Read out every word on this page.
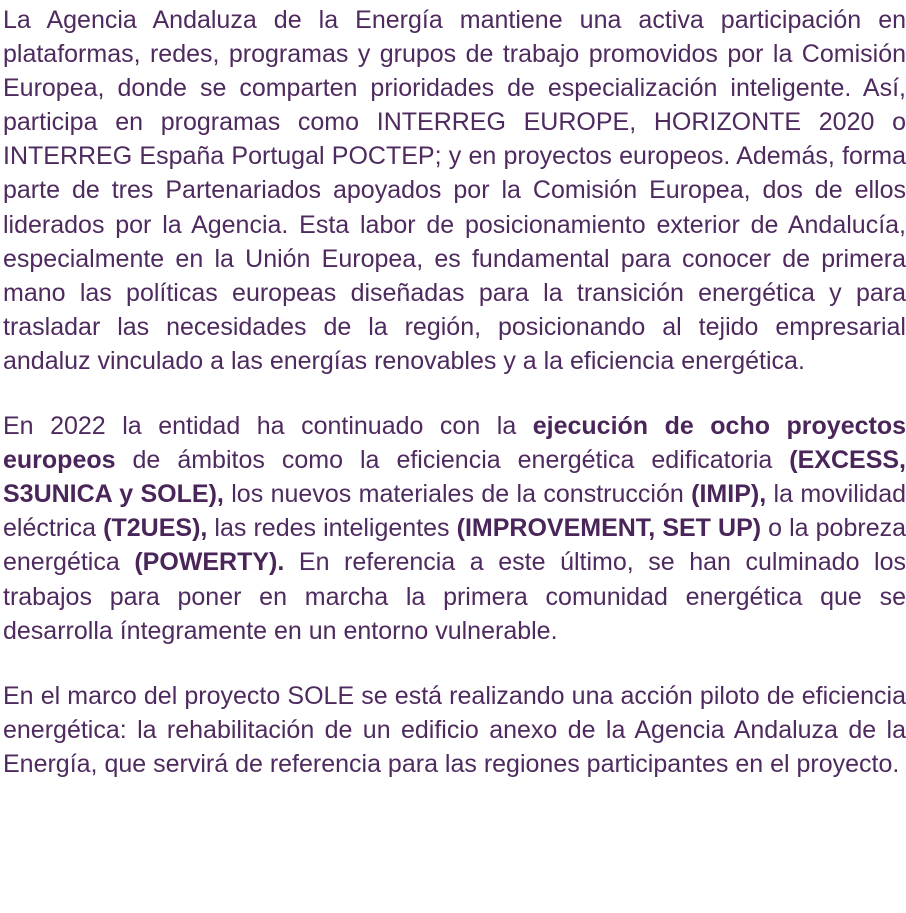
La Agencia Andaluza de la Energía mantiene una activa participación en plataformas, redes, programas y grupos de trabajo promovidos por la Comisión Europea, donde se comparten prioridades de especialización inteligente. Así, participa en programas como INTERREG EUROPE, HORIZONTE 2020 o INTERREG España Portugal POCTEP; y en proyectos europeos. Además, forma parte de tres Partenariados apoyados por la Comisión Europea, dos de ellos liderados por la Agencia. Esta labor de posicionamiento exterior de Andalucía, especialmente en la Unión Europea, es fundamental para conocer de primera mano las políticas europeas diseñadas para la transición energética y para trasladar las necesidades de la región, posicionando al tejido empresarial andaluz vinculado a las energías renovables y a la eficiencia energética.

En 2022 la entidad ha continuado con la ejecución de ocho proyectos europeos de ámbitos como la eficiencia energética edificatoria (EXCESS, S3UNICA y SOLE), los nuevos materiales de la construcción (IMIP), la movilidad eléctrica (T2UES), las redes inteligentes (IMPROVEMENT, SET UP) o la pobreza energética (POWERTY). En referencia a este último, se han culminado los trabajos para poner en marcha la primera comunidad energética que se desarrolla íntegramente en un entorno vulnerable.

En el marco del proyecto SOLE se está realizando una acción piloto de eficiencia energética: la rehabilitación de un edificio anexo de la Agencia Andaluza de la Energía, que servirá de referencia para las regiones participantes en el proyecto.
